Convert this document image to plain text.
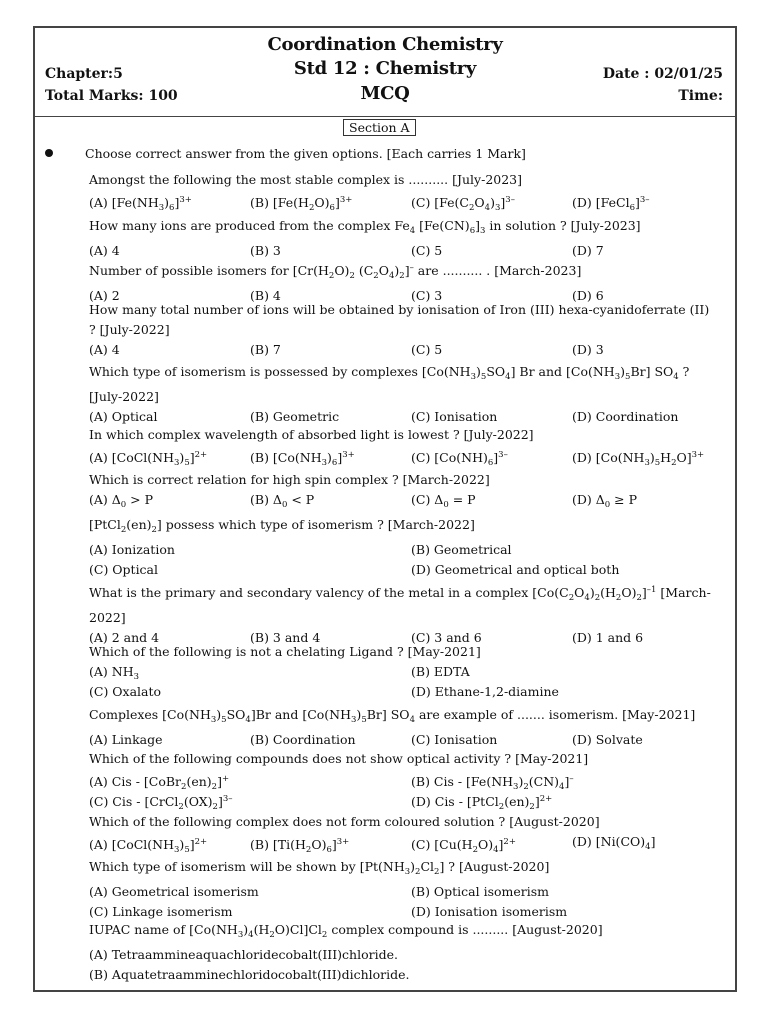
Coordination Chemistry
Std 12 : Chemistry
MCQ
Chapter:5
Total Marks: 100
Date : 02/01/25
Time:
Section A
Choose correct answer from the given options. [Each carries 1 Mark]
Amongst the following the most stable complex is .......... [July-2023]
(A) $[Fe(NH_3)_6]^{3+}$	(B) $[Fe(H_2O)_6]^{3+}$	(C) $[Fe(C_2O_4)_3]^{3-}$	(D) [FeCl$_6$]$^{3-}$
How many ions are produced from the complex $Fe_4$ $[Fe(CN)_6]_3$ in solution ? [July-2023]
(A) 4	(B) 3	(C) 5	(D) 7
Number of possible isomers for [$Cr(H_2O)_2$ $(C_2O_4)_2]^-$ are .......... . [March-2023]
(A) 2	(B) 4	(C) 3	(D) 6
How many total number of ions will be obtained by ionisation of Iron (III) hexa-cyanidoferrate (II) ? [July-2022]
(A) 4	(B) 7	(C) 5	(D) 3
Which type of isomerism is possessed by complexes $[Co(NH_3)_5SO_4]$ Br and $[Co(NH_3)_5Br]$ $SO_4$ ? [July-2022]
(A) Optical	(B) Geometric	(C) Ionisation	(D) Coordination
In which complex wavelength of absorbed light is lowest ? [July-2022]
(A) $[CoCl(NH_3)_5]^{2+}$	(B) $[Co(NH_3)_6]^{3+}$	(C) $[Co(NH)_6]^{3-}$	(D) $[Co(NH_3)_5H_2O]^{3+}$
Which is correct relation for high spin complex ? [March-2022]
(A) $\Delta_0 > P$	(B) $\Delta_0 < P$	(C) $\Delta_0 = P$	(D) $\Delta_0 \ge P$
$[PtCl_2(en)_2]$ possess which type of isomerism ? [March-2022]
(A) Ionization	(B) Geometrical
(C) Optical	(D) Geometrical and optical both
What is the primary and secondary valency of the metal in a complex $[Co(C_2O_4)_2(H_2O)_2]^{-1}$ [March-2022]
(A) 2 and 4	(B) 3 and 4	(C) 3 and 6	(D) 1 and 6
Which of the following is not a chelating Ligand ? [May-2021]
(A) $NH_3$	(B) EDTA
(C) Oxalato	(D) Ethane-1,2-diamine
Complexes $[Co(NH_3)_5SO_4]Br$ and $[Co(NH_3)_5Br]$ $SO_4$ are example of ....... isomerism. [May-2021]
(A) Linkage	(B) Coordination	(C) Ionisation	(D) Solvate
Which of the following compounds does not show optical activity ? [May-2021]
(A) Cis - $[CoBr_2(en)_2]^+$	(B) Cis - $[Fe(NH_3)_2(CN)_4]^-$
(C) Cis - $[CrCl_2(OX)_2]^{3-}$	(D) Cis - $[PtCl_2(en)_2]^{2+}$
Which of the following complex does not form coloured solution ? [August-2020]
(A) $[CoCl(NH_3)_5]^{2+}$	(B) $[Ti(H_2O)_6]^{3+}$	(C) $[Cu(H_2O)_4]^{2+}$	(D) $[Ni(CO)_4]$
Which type of isomerism will be shown by $[Pt(NH_3)_2Cl_2]$ ? [August-2020]
(A) Geometrical isomerism	(B) Optical isomerism
(C) Linkage isomerism	(D) Ionisation isomerism
IUPAC name of $[Co(NH_3)_4(H_2O)Cl]Cl_2$ complex compound is ......... [August-2020]
(A) Tetraammineaquachloridecobalt(III)chloride.
(B) Aquatetraamminechloridocobalt(III)dichloride.
